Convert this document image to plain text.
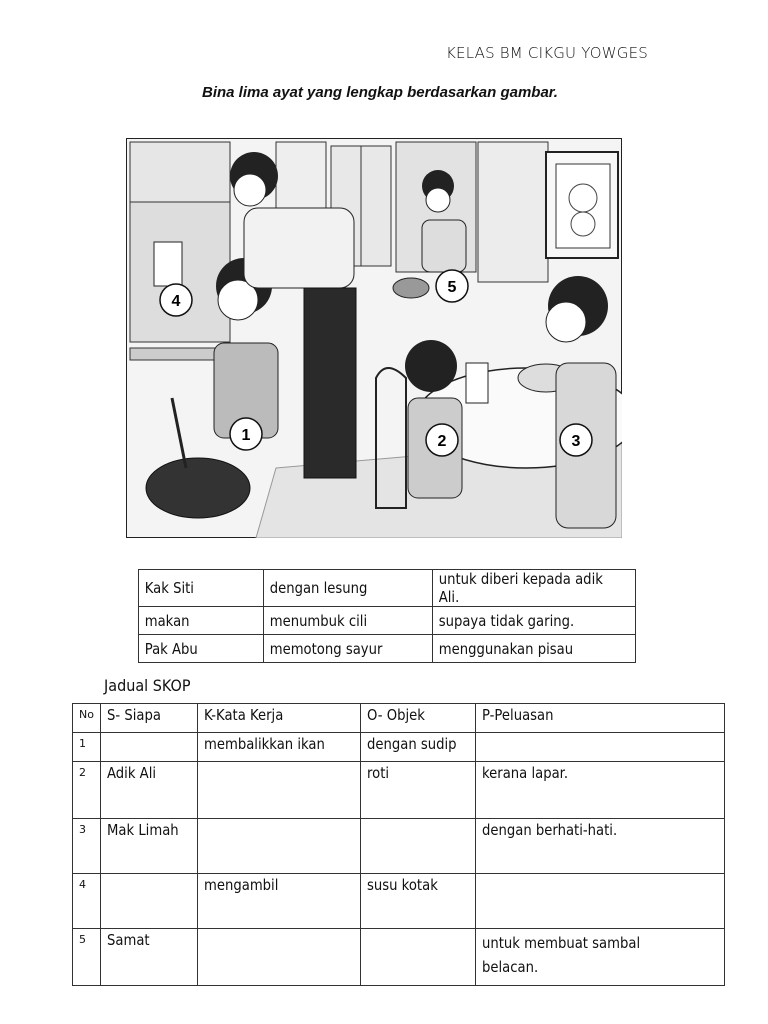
KELAS BM CIKGU YOWGES
Bina lima ayat yang lengkap berdasarkan gambar.
4
5
1	2	3
Kak Siti	dengan lesung	untuk diberi kepada adik Ali.
makan	menumbuk cili	supaya tidak garing.
Pak Abu	memotong sayur	menggunakan pisau
Jadual SKOP
No	S- Siapa	K-Kata Kerja	O- Objek	P-Peluasan
1		membalikkan ikan	dengan sudip	
2	Adik Ali		roti	kerana lapar.
3	Mak Limah			dengan berhati-hati.
4		mengambil	susu kotak	
5	Samat			untuk membuat sambal belacan.
